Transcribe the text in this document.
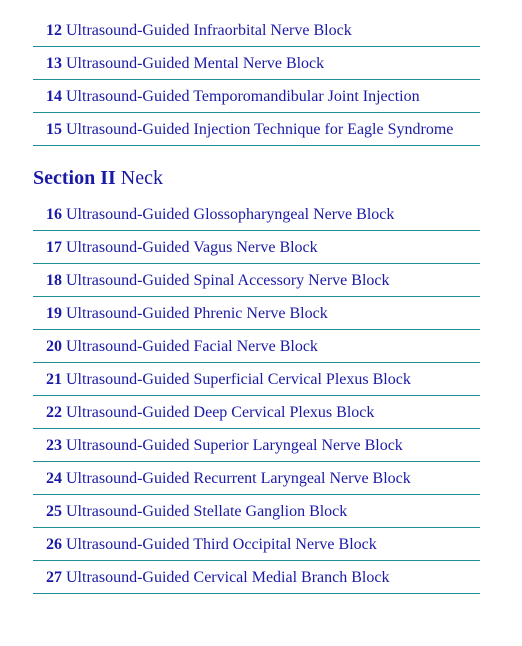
12 Ultrasound-Guided Infraorbital Nerve Block
13 Ultrasound-Guided Mental Nerve Block
14 Ultrasound-Guided Temporomandibular Joint Injection
15 Ultrasound-Guided Injection Technique for Eagle Syndrome
Section II Neck
16 Ultrasound-Guided Glossopharyngeal Nerve Block
17 Ultrasound-Guided Vagus Nerve Block
18 Ultrasound-Guided Spinal Accessory Nerve Block
19 Ultrasound-Guided Phrenic Nerve Block
20 Ultrasound-Guided Facial Nerve Block
21 Ultrasound-Guided Superficial Cervical Plexus Block
22 Ultrasound-Guided Deep Cervical Plexus Block
23 Ultrasound-Guided Superior Laryngeal Nerve Block
24 Ultrasound-Guided Recurrent Laryngeal Nerve Block
25 Ultrasound-Guided Stellate Ganglion Block
26 Ultrasound-Guided Third Occipital Nerve Block
27 Ultrasound-Guided Cervical Medial Branch Block
